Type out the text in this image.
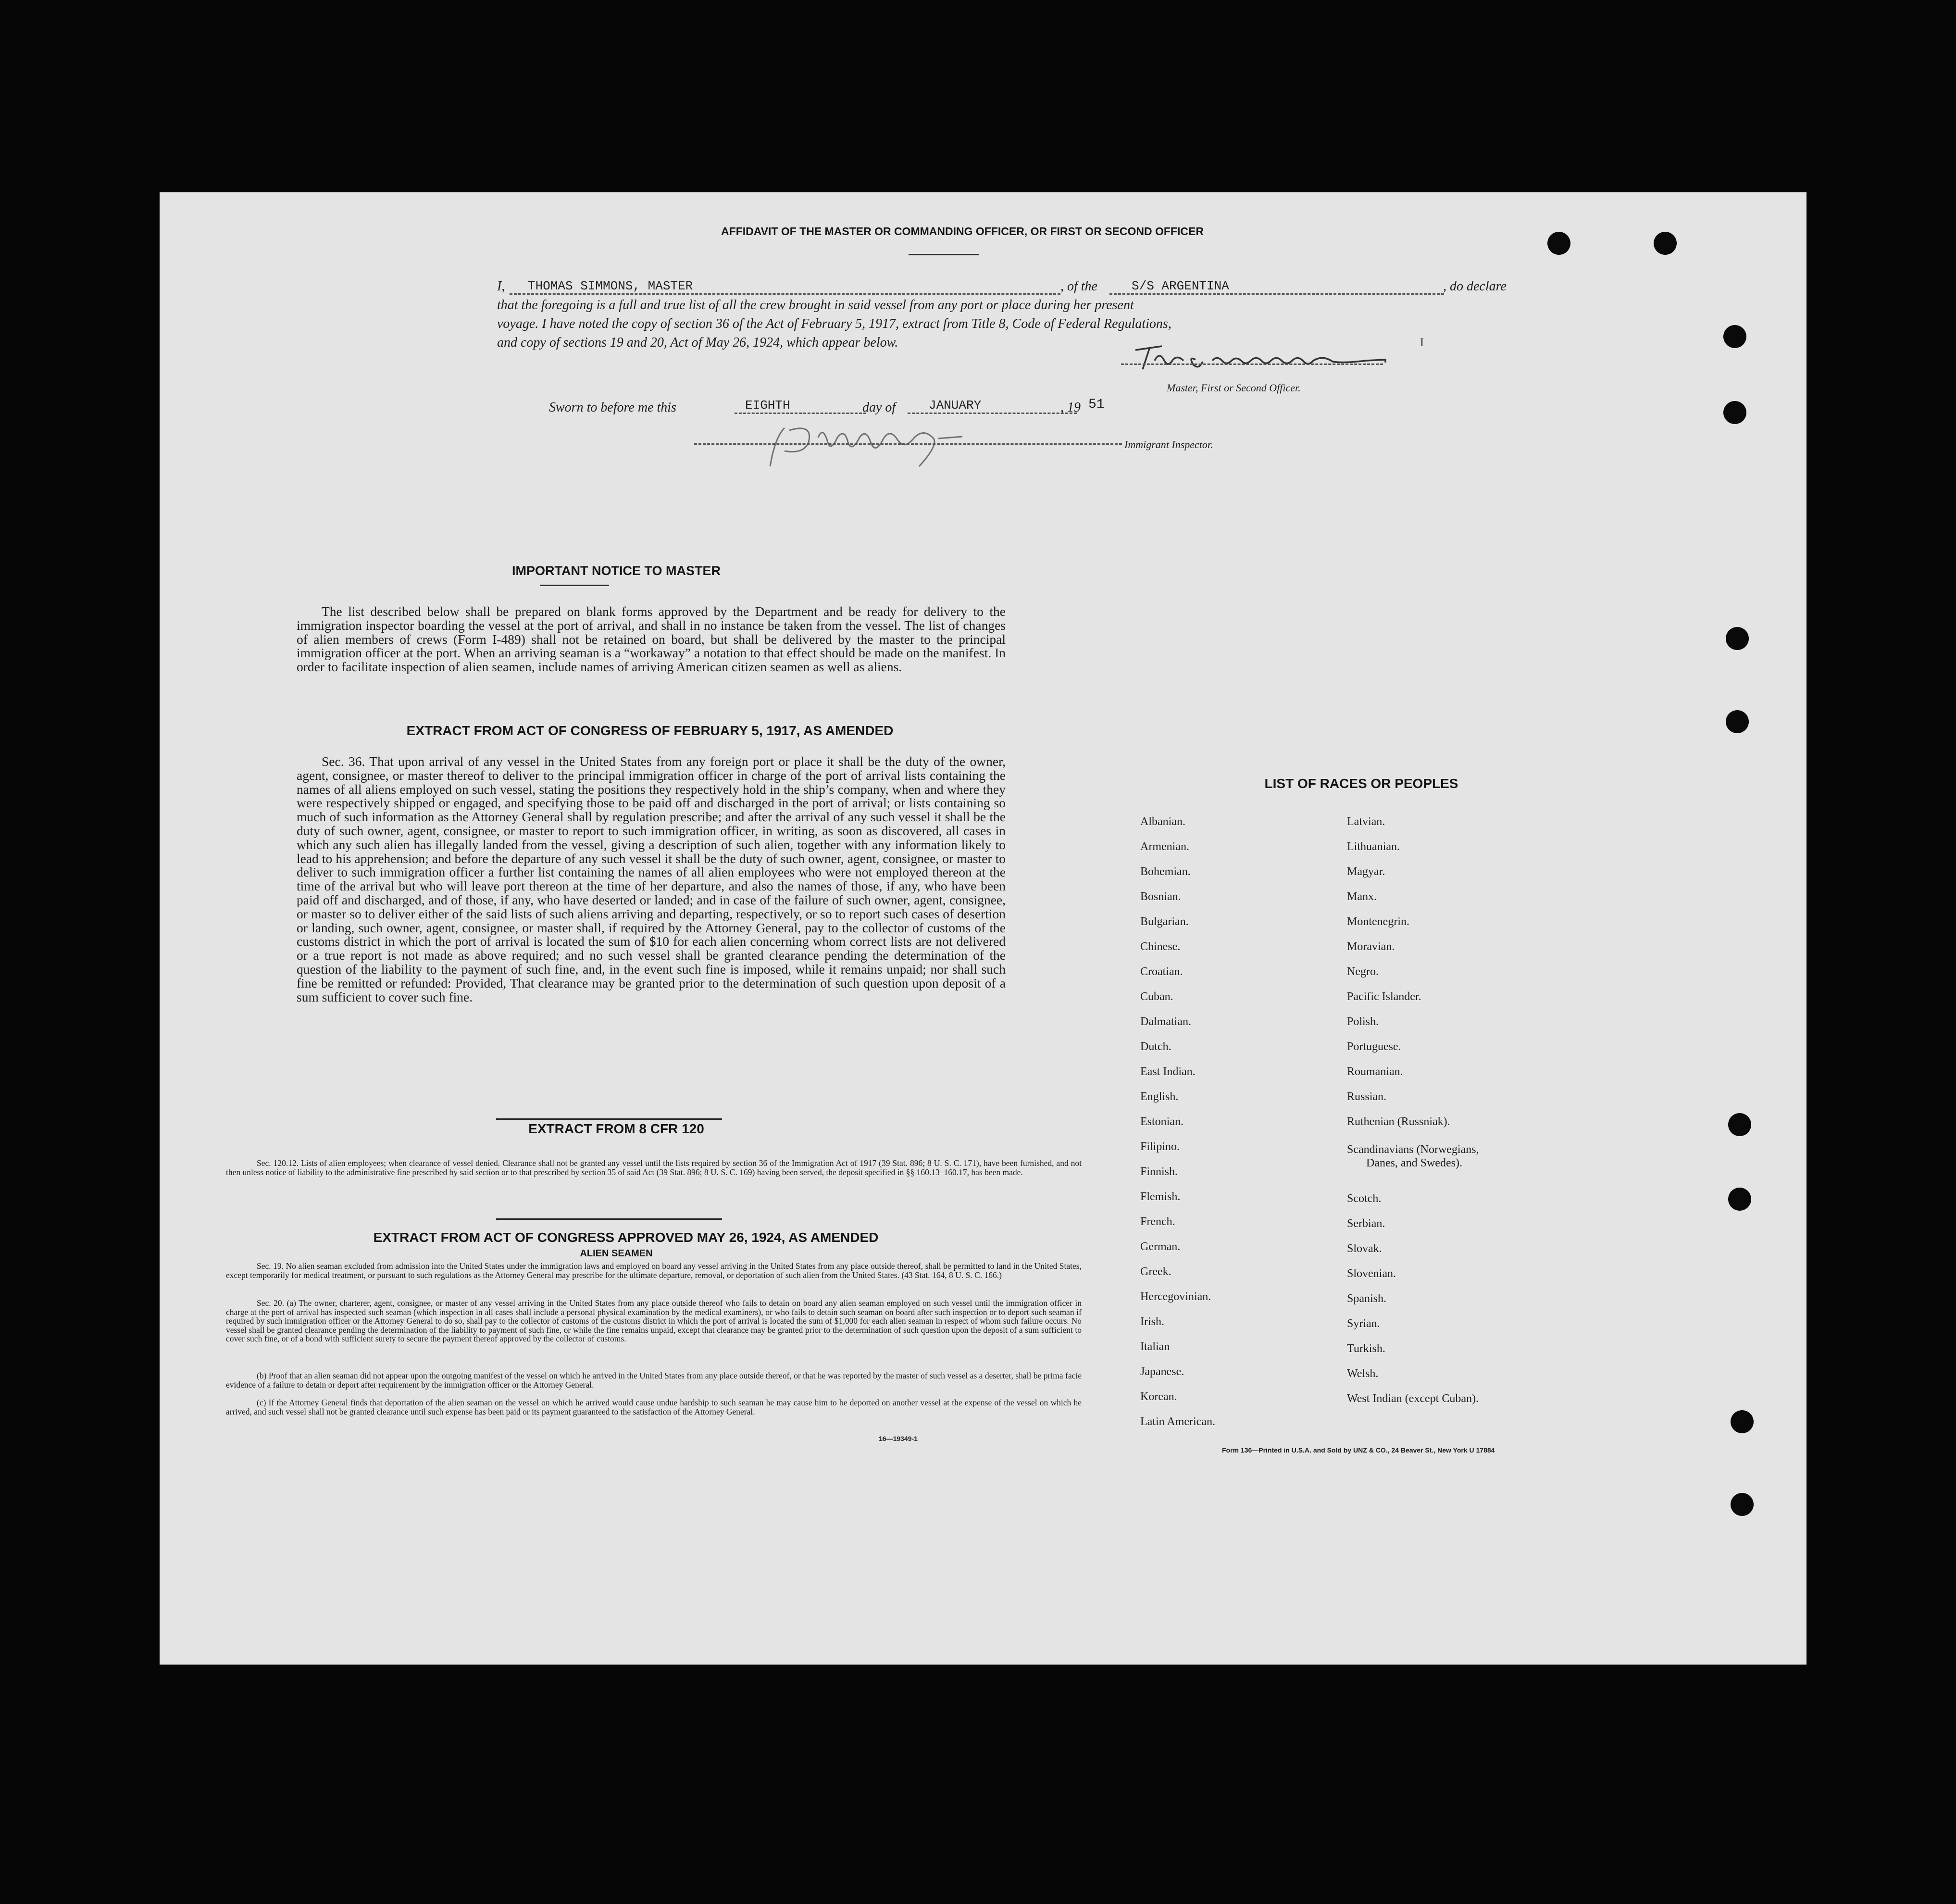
AFFIDAVIT OF THE MASTER OR COMMANDING OFFICER, OR FIRST OR SECOND OFFICER
I,	THOMAS SIMMONS, MASTER	, of the	S/S ARGENTINA	, do declare
that the foregoing is a full and true list of all the crew brought in said vessel from any port or place during her present
voyage. I have noted the copy of section 36 of the Act of February 5, 1917, extract from Title 8, Code of Federal Regulations,
and copy of sections 19 and 20, Act of May 26, 1924, which appear below.
Master, First or Second Officer.
I
Sworn to before me this	EIGHTH	day of	JANUARY	, 19 51
Immigrant Inspector.
IMPORTANT NOTICE TO MASTER
The list described below shall be prepared on blank forms approved by the Department and be ready for delivery to the immigration inspector boarding the vessel at the port of arrival, and shall in no instance be taken from the vessel. The list of changes of alien members of crews (Form I-489) shall not be retained on board, but shall be delivered by the master to the principal immigration officer at the port. When an arriving seaman is a “workaway” a notation to that effect should be made on the manifest. In order to facilitate inspection of alien seamen, include names of arriving American citizen seamen as well as aliens.
EXTRACT FROM ACT OF CONGRESS OF FEBRUARY 5, 1917, AS AMENDED
Sec. 36. That upon arrival of any vessel in the United States from any foreign port or place it shall be the duty of the owner, agent, consignee, or master thereof to deliver to the principal immigration officer in charge of the port of arrival lists containing the names of all aliens employed on such vessel, stating the positions they respectively hold in the ship’s company, when and where they were respectively shipped or engaged, and specifying those to be paid off and discharged in the port of arrival; or lists containing so much of such information as the Attorney General shall by regulation prescribe; and after the arrival of any such vessel it shall be the duty of such owner, agent, consignee, or master to report to such immigration officer, in writing, as soon as discovered, all cases in which any such alien has illegally landed from the vessel, giving a description of such alien, together with any information likely to lead to his apprehension; and before the departure of any such vessel it shall be the duty of such owner, agent, consignee, or master to deliver to such immigration officer a further list containing the names of all alien employees who were not employed thereon at the time of the arrival but who will leave port thereon at the time of her departure, and also the names of those, if any, who have been paid off and discharged, and of those, if any, who have deserted or landed; and in case of the failure of such owner, agent, consignee, or master so to deliver either of the said lists of such aliens arriving and departing, respectively, or so to report such cases of desertion or landing, such owner, agent, consignee, or master shall, if required by the Attorney General, pay to the collector of customs of the customs district in which the port of arrival is located the sum of $10 for each alien concerning whom correct lists are not delivered or a true report is not made as above required; and no such vessel shall be granted clearance pending the determination of the question of the liability to the payment of such fine, and, in the event such fine is imposed, while it remains unpaid; nor shall such fine be remitted or refunded: Provided, That clearance may be granted prior to the determination of such question upon deposit of a sum sufficient to cover such fine.
EXTRACT FROM 8 CFR 120
Sec. 120.12. Lists of alien employees; when clearance of vessel denied. Clearance shall not be granted any vessel until the lists required by section 36 of the Immigration Act of 1917 (39 Stat. 896; 8 U. S. C. 171), have been furnished, and not then unless notice of liability to the administrative fine prescribed by said section or to that prescribed by section 35 of said Act (39 Stat. 896; 8 U. S. C. 169) having been served, the deposit specified in §§ 160.13–160.17, has been made.
EXTRACT FROM ACT OF CONGRESS APPROVED MAY 26, 1924, AS AMENDED
ALIEN SEAMEN
Sec. 19. No alien seaman excluded from admission into the United States under the immigration laws and employed on board any vessel arriving in the United States from any place outside thereof, shall be permitted to land in the United States, except temporarily for medical treatment, or pursuant to such regulations as the Attorney General may prescribe for the ultimate departure, removal, or deportation of such alien from the United States. (43 Stat. 164, 8 U. S. C. 166.)
Sec. 20. (a) The owner, charterer, agent, consignee, or master of any vessel arriving in the United States from any place outside thereof who fails to detain on board any alien seaman employed on such vessel until the immigration officer in charge at the port of arrival has inspected such seaman (which inspection in all cases shall include a personal physical examination by the medical examiners), or who fails to detain such seaman on board after such inspection or to deport such seaman if required by such immigration officer or the Attorney General to do so, shall pay to the collector of customs of the customs district in which the port of arrival is located the sum of $1,000 for each alien seaman in respect of whom such failure occurs. No vessel shall be granted clearance pending the determination of the liability to payment of such fine, or while the fine remains unpaid, except that clearance may be granted prior to the determination of such question upon the deposit of a sum sufficient to cover such fine, or of a bond with sufficient surety to secure the payment thereof approved by the collector of customs.
(b) Proof that an alien seaman did not appear upon the outgoing manifest of the vessel on which he arrived in the United States from any place outside thereof, or that he was reported by the master of such vessel as a deserter, shall be prima facie evidence of a failure to detain or deport after requirement by the immigration officer or the Attorney General.
(c) If the Attorney General finds that deportation of the alien seaman on the vessel on which he arrived would cause undue hardship to such seaman he may cause him to be deported on another vessel at the expense of the vessel on which he arrived, and such vessel shall not be granted clearance until such expense has been paid or its payment guaranteed to the satisfaction of the Attorney General.
16—19349-1
LIST OF RACES OR PEOPLES
Albanian.
Armenian.
Bohemian.
Bosnian.
Bulgarian.
Chinese.
Croatian.
Cuban.
Dalmatian.
Dutch.
East Indian.
English.
Estonian.
Filipino.
Finnish.
Flemish.
French.
German.
Greek.
Hercegovinian.
Irish.
Italian
Japanese.
Korean.
Latin American.
Latvian.
Lithuanian.
Magyar.
Manx.
Montenegrin.
Moravian.
Negro.
Pacific Islander.
Polish.
Portuguese.
Roumanian.
Russian.
Ruthenian (Russniak).
Scandinavians (Norwegians,
Danes, and Swedes).
Scotch.
Serbian.
Slovak.
Slovenian.
Spanish.
Syrian.
Turkish.
Welsh.
West Indian (except Cuban).
Form 136—Printed in U.S.A. and Sold by UNZ & CO., 24 Beaver St., New York U 17884
